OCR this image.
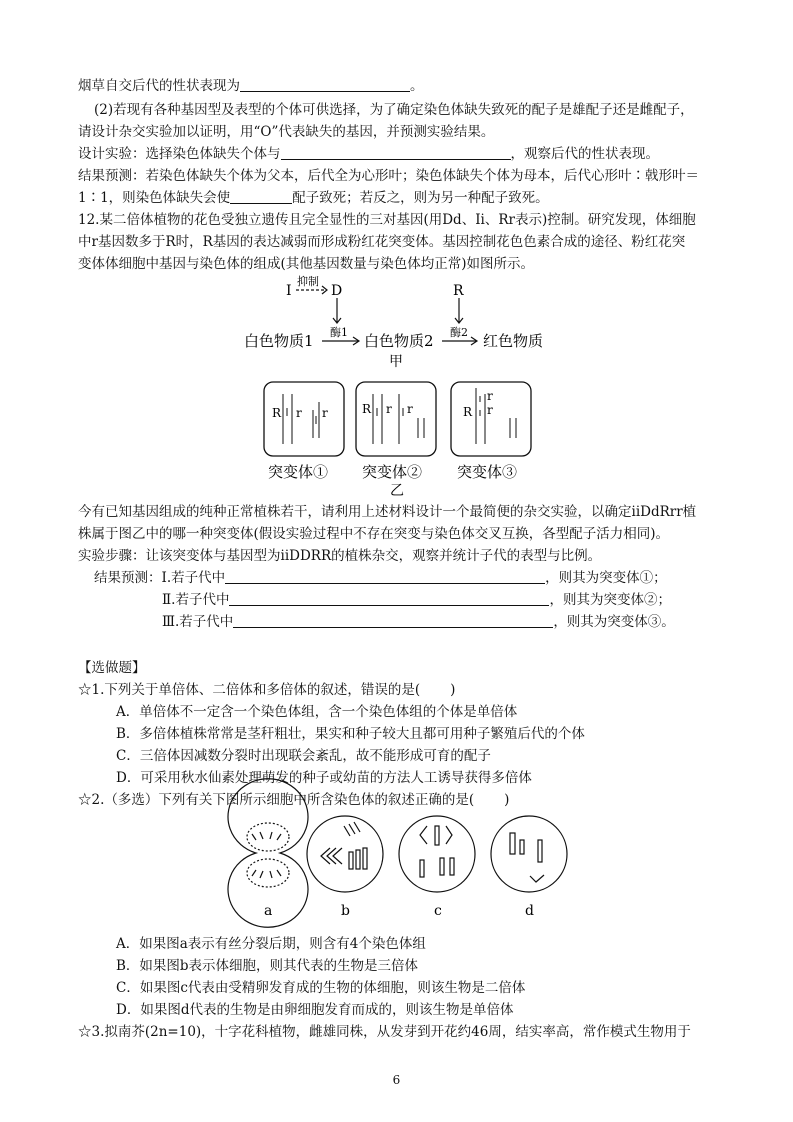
烟草自交后代的性状表现为	。
(2)若现有各种基因型及表型的个体可供选择，为了确定染色体缺失致死的配子是雄配子还是雌配子，
请设计杂交实验加以证明，用“O”代表缺失的基因，并预测实验结果。
设计实验：选择染色体缺失个体与	，观察后代的性状表现。
结果预测：若染色体缺失个体为父本，后代全为心形叶；染色体缺失个体为母本，后代心形叶∶戟形叶＝
1∶1，则染色体缺失会使	配子致死；若反之，则为另一种配子致死。
12.某二倍体植物的花色受独立遗传且完全显性的三对基因(用Dd、Ii、Rr表示)控制。研究发现，体细胞
中r基因数多于R时，R基因的表达减弱而形成粉红花突变体。基因控制花色色素合成的途径、粉红花突
变体体细胞中基因与染色体的组成(其他基因数量与染色体均正常)如图所示。
I
抑制
D	R
白色物质1 酶1 白色物质2 酶2 红色物质
甲
R r r	R r r	R
r
r
突变体① 突变体② 突变体③
乙
今有已知基因组成的纯种正常植株若干，请利用上述材料设计一个最简便的杂交实验，以确定iiDdRrr植
株属于图乙中的哪一种突变体(假设实验过程中不存在突变与染色体交叉互换，各型配子活力相同)。
实验步骤：让该突变体与基因型为iiDDRR的植株杂交，观察并统计子代的表型与比例。
结果预测：Ⅰ.若子代中	，则其为突变体①；
Ⅱ.若子代中	，则其为突变体②；
Ⅲ.若子代中	，则其为突变体③。
【选做题】
☆1.下列关于单倍体、二倍体和多倍体的叙述，错误的是( )
A．单倍体不一定含一个染色体组，含一个染色体组的个体是单倍体
B．多倍体植株常常是茎秆粗壮，果实和种子较大且都可用种子繁殖后代的个体
C．三倍体因减数分裂时出现联会紊乱，故不能形成可育的配子
D．可采用秋水仙素处理萌发的种子或幼苗的方法人工诱导获得多倍体
☆2.（多选）下列有关下图所示细胞中所含染色体的叙述正确的是( )
a	b	c	d
A．如果图a表示有丝分裂后期，则含有4个染色体组
B．如果图b表示体细胞，则其代表的生物是三倍体
C．如果图c代表由受精卵发育成的生物的体细胞，则该生物是二倍体
D．如果图d代表的生物是由卵细胞发育而成的，则该生物是单倍体
☆3.拟南芥(2n=10)，十字花科植物，雌雄同株，从发芽到开花约46周，结实率高，常作模式生物用于
6
